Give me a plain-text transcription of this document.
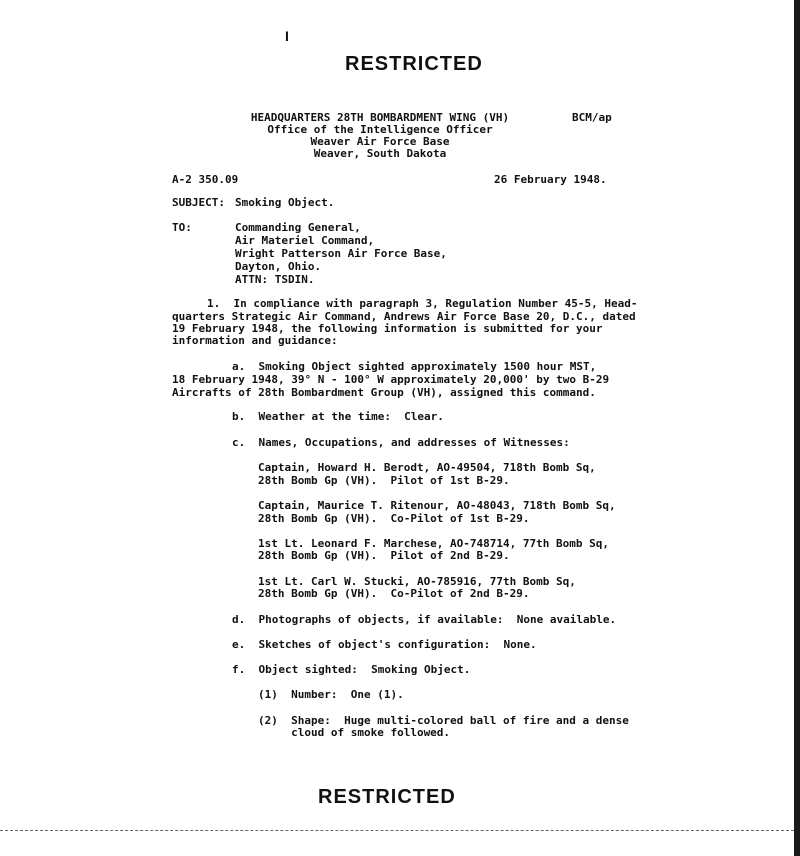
I
RESTRICTED
HEADQUARTERS 28TH BOMBARDMENT WING (VH)
Office of the Intelligence Officer
Weaver Air Force Base
Weaver, South Dakota
BCM/ap
A-2 350.09	26 February 1948.
SUBJECT: Smoking Object.
TO:	Commanding General,
Air Materiel Command,
Wright Patterson Air Force Base,
Dayton, Ohio.
ATTN: TSDIN.
1.  In compliance with paragraph 3, Regulation Number 45-5, Head-
quarters Strategic Air Command, Andrews Air Force Base 20, D.C., dated
19 February 1948, the following information is submitted for your
information and guidance:
a.  Smoking Object sighted approximately 1500 hour MST,
18 February 1948, 39° N - 100° W approximately 20,000' by two B-29
Aircrafts of 28th Bombardment Group (VH), assigned this command.
b.  Weather at the time:  Clear.
c.  Names, Occupations, and addresses of Witnesses:
Captain, Howard H. Berodt, AO-49504, 718th Bomb Sq,
28th Bomb Gp (VH).  Pilot of 1st B-29.
Captain, Maurice T. Ritenour, AO-48043, 718th Bomb Sq,
28th Bomb Gp (VH).  Co-Pilot of 1st B-29.
1st Lt. Leonard F. Marchese, AO-748714, 77th Bomb Sq,
28th Bomb Gp (VH).  Pilot of 2nd B-29.
1st Lt. Carl W. Stucki, AO-785916, 77th Bomb Sq,
28th Bomb Gp (VH).  Co-Pilot of 2nd B-29.
d.  Photographs of objects, if available:  None available.
e.  Sketches of object's configuration:  None.
f.  Object sighted:  Smoking Object.
(1)  Number:  One (1).
(2)  Shape:  Huge multi-colored ball of fire and a dense
cloud of smoke followed.
RESTRICTED
